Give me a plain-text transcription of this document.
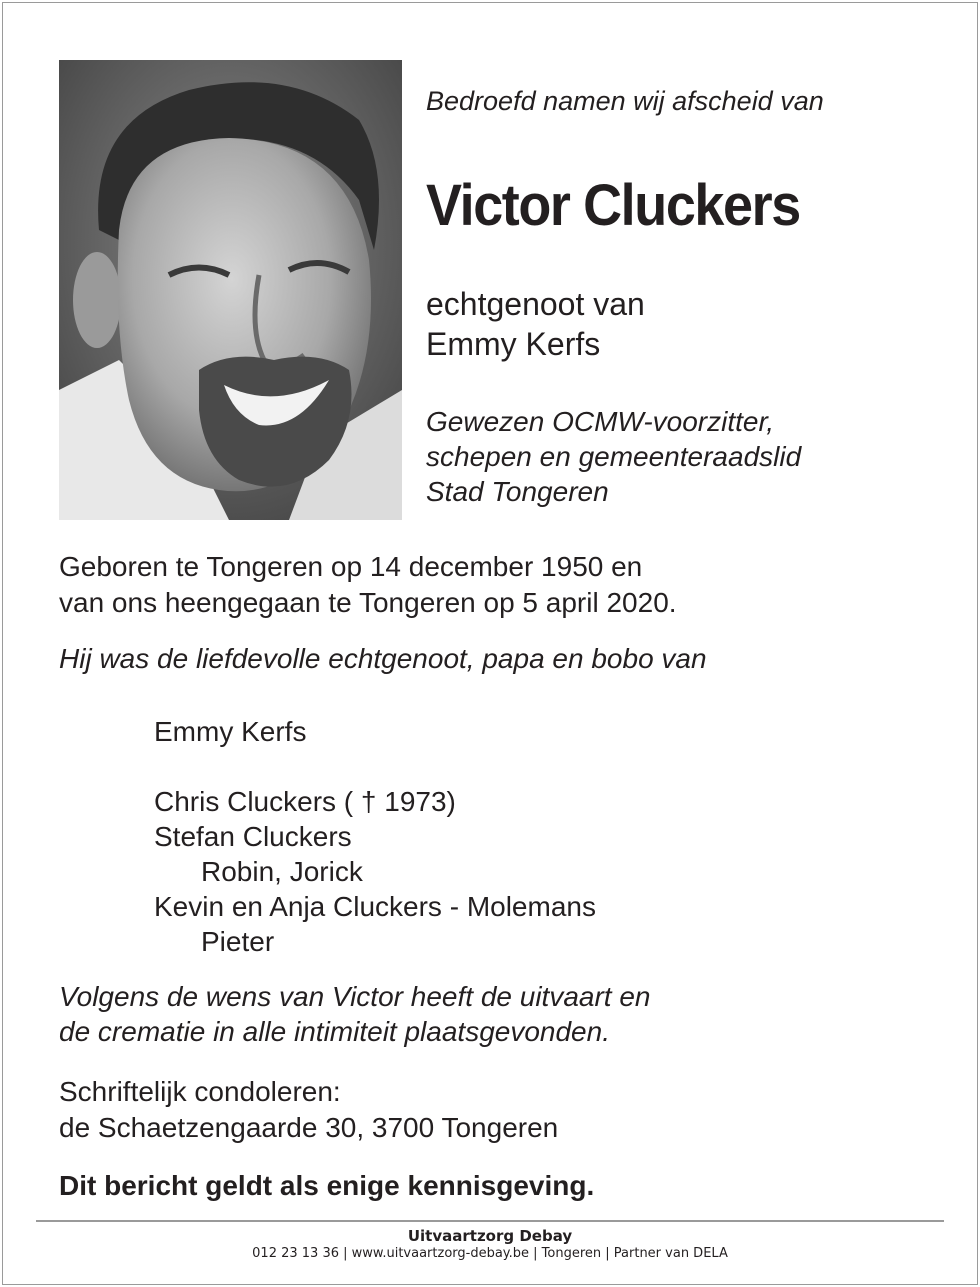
Bedroefd namen wij afscheid van
Victor Cluckers
echtgenoot van
Emmy Kerfs
Gewezen OCMW-voorzitter,
schepen en gemeenteraadslid
Stad Tongeren
Geboren te Tongeren op 14 december 1950 en
van ons heengegaan te Tongeren op 5 april 2020.
Hij was de liefdevolle echtgenoot, papa en bobo van
Emmy Kerfs
Chris Cluckers ( † 1973)
Stefan Cluckers
Robin, Jorick
Kevin en Anja Cluckers - Molemans
Pieter
Volgens de wens van Victor heeft de uitvaart en
de crematie in alle intimiteit plaatsgevonden.
Schriftelijk condoleren:
de Schaetzengaarde 30, 3700 Tongeren
Dit bericht geldt als enige kennisgeving.
Uitvaartzorg Debay
012 23 13 36 | www.uitvaartzorg-debay.be | Tongeren | Partner van DELA
